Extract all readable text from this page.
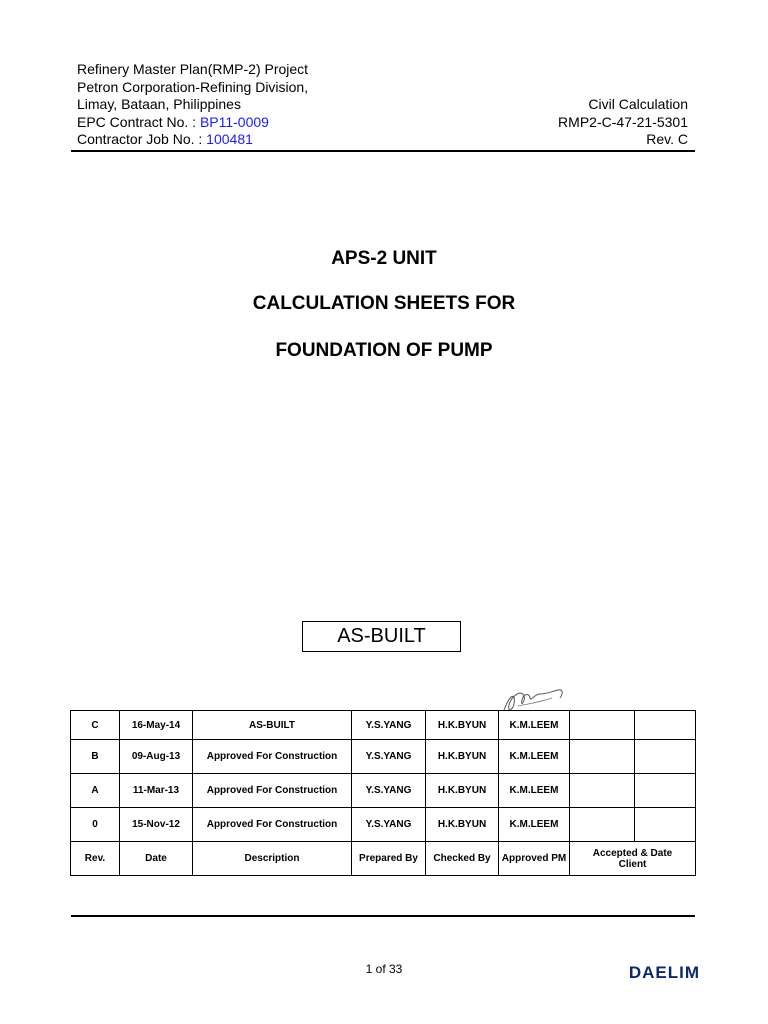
Refinery Master Plan(RMP-2) Project
Petron Corporation-Refining Division,
Limay, Bataan, Philippines
EPC Contract No. : BP11-0009
Contractor Job No. : 100481
Civil Calculation
RMP2-C-47-21-5301
Rev. C
APS-2 UNIT
CALCULATION SHEETS FOR
FOUNDATION OF PUMP
AS-BUILT
C	16-May-14	AS-BUILT	Y.S.YANG	H.K.BYUN	K.M.LEEM		
B	09-Aug-13	Approved For Construction	Y.S.YANG	H.K.BYUN	K.M.LEEM		
A	11-Mar-13	Approved For Construction	Y.S.YANG	H.K.BYUN	K.M.LEEM		
0	15-Nov-12	Approved For Construction	Y.S.YANG	H.K.BYUN	K.M.LEEM		
Rev.	Date	Description	Prepared By	Checked By	Approved PM	Accepted & Date
Client	
1 of 33	DAELIM
